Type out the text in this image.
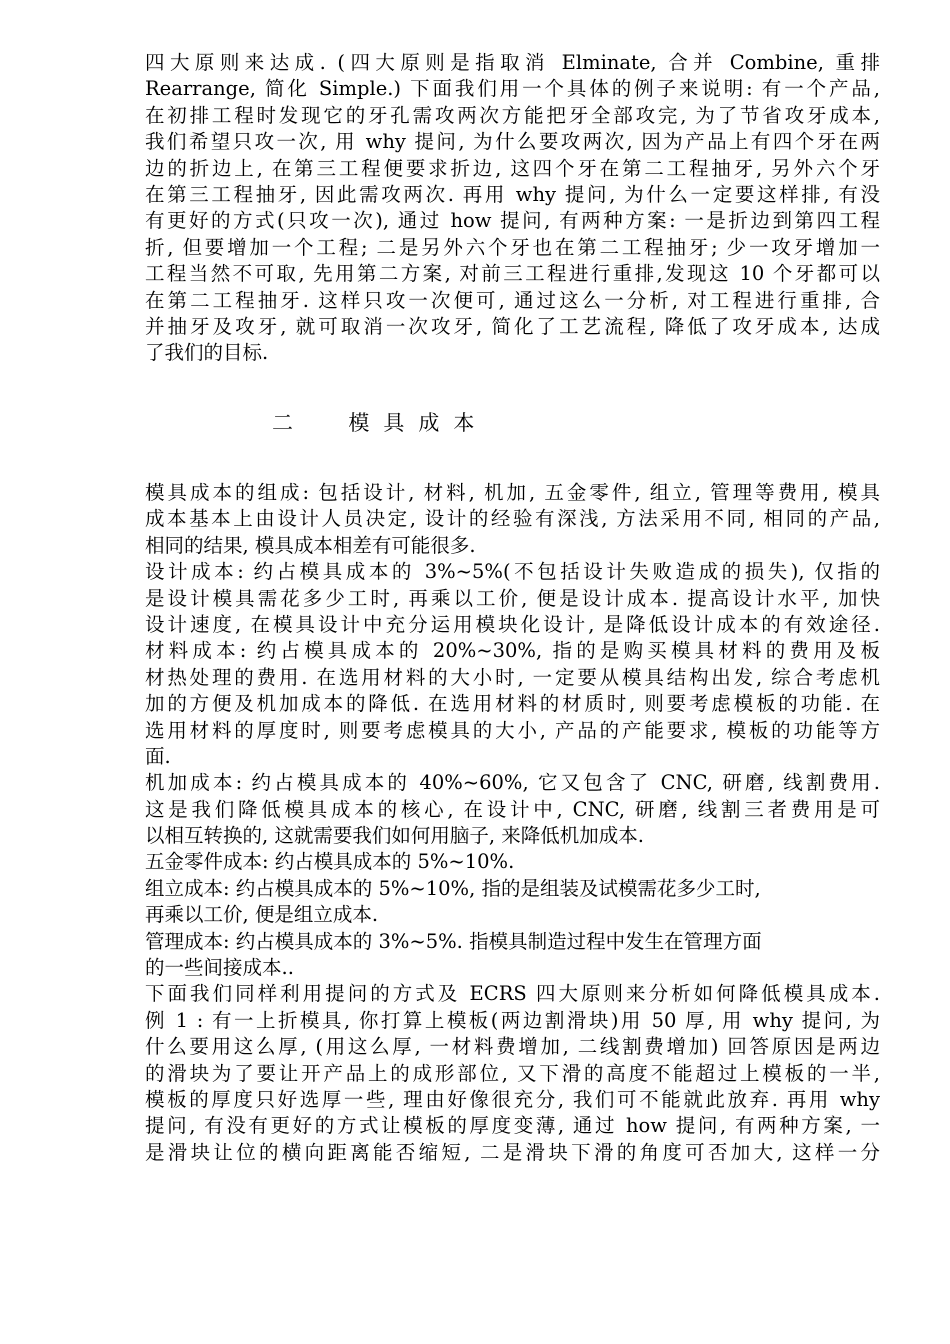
四大原则来达成. (四大原则是指取消 Elminate, 合并 Combine, 重排
Rearrange, 简化 Simple.) 下面我们用一个具体的例子来说明: 有一个产品,
在初排工程时发现它的牙孔需攻两次方能把牙全部攻完, 为了节省攻牙成本,
我们希望只攻一次, 用 why 提问, 为什么要攻两次, 因为产品上有四个牙在两
边的折边上, 在第三工程便要求折边, 这四个牙在第二工程抽牙, 另外六个牙
在第三工程抽牙, 因此需攻两次. 再用 why 提问, 为什么一定要这样排, 有没
有更好的方式(只攻一次), 通过 how 提问, 有两种方案: 一是折边到第四工程
折, 但要增加一个工程; 二是另外六个牙也在第二工程抽牙; 少一攻牙增加一
工程当然不可取, 先用第二方案, 对前三工程进行重排,发现这 10 个牙都可以
在第二工程抽牙. 这样只攻一次便可, 通过这么一分析, 对工程进行重排, 合
并抽牙及攻牙, 就可取消一次攻牙, 简化了工艺流程, 降低了攻牙成本, 达成
了我们的目标.
二  模具成本
模具成本的组成: 包括设计, 材料, 机加, 五金零件, 组立, 管理等费用, 模具
成本基本上由设计人员决定, 设计的经验有深浅, 方法采用不同, 相同的产品,
相同的结果, 模具成本相差有可能很多.
设计成本: 约占模具成本的 3%~5%(不包括设计失败造成的损失), 仅指的
是设计模具需花多少工时, 再乘以工价, 便是设计成本. 提高设计水平, 加快
设计速度, 在模具设计中充分运用模块化设计, 是降低设计成本的有效途径.
材料成本: 约占模具成本的 20%~30%, 指的是购买模具材料的费用及板
材热处理的费用. 在选用材料的大小时, 一定要从模具结构出发, 综合考虑机
加的方便及机加成本的降低. 在选用材料的材质时, 则要考虑模板的功能. 在
选用材料的厚度时, 则要考虑模具的大小, 产品的产能要求, 模板的功能等方
面.
机加成本: 约占模具成本的 40%~60%, 它又包含了 CNC, 研磨, 线割费用.
这是我们降低模具成本的核心, 在设计中, CNC, 研磨, 线割三者费用是可
以相互转换的, 这就需要我们如何用脑子, 来降低机加成本.
五金零件成本: 约占模具成本的 5%~10%.
组立成本: 约占模具成本的 5%~10%, 指的是组装及试模需花多少工时,
再乘以工价, 便是组立成本.
管理成本: 约占模具成本的 3%~5%. 指模具制造过程中发生在管理方面
的一些间接成本..
下面我们同样利用提问的方式及 ECRS 四大原则来分析如何降低模具成本.
例 1 : 有一上折模具, 你打算上模板(两边割滑块)用 50 厚, 用 why 提问, 为
什么要用这么厚, (用这么厚, 一材料费增加, 二线割费增加) 回答原因是两边
的滑块为了要让开产品上的成形部位, 又下滑的高度不能超过上模板的一半,
模板的厚度只好选厚一些, 理由好像很充分, 我们可不能就此放弃. 再用 why
提问, 有没有更好的方式让模板的厚度变薄, 通过 how 提问, 有两种方案, 一
是滑块让位的横向距离能否缩短, 二是滑块下滑的角度可否加大, 这样一分
